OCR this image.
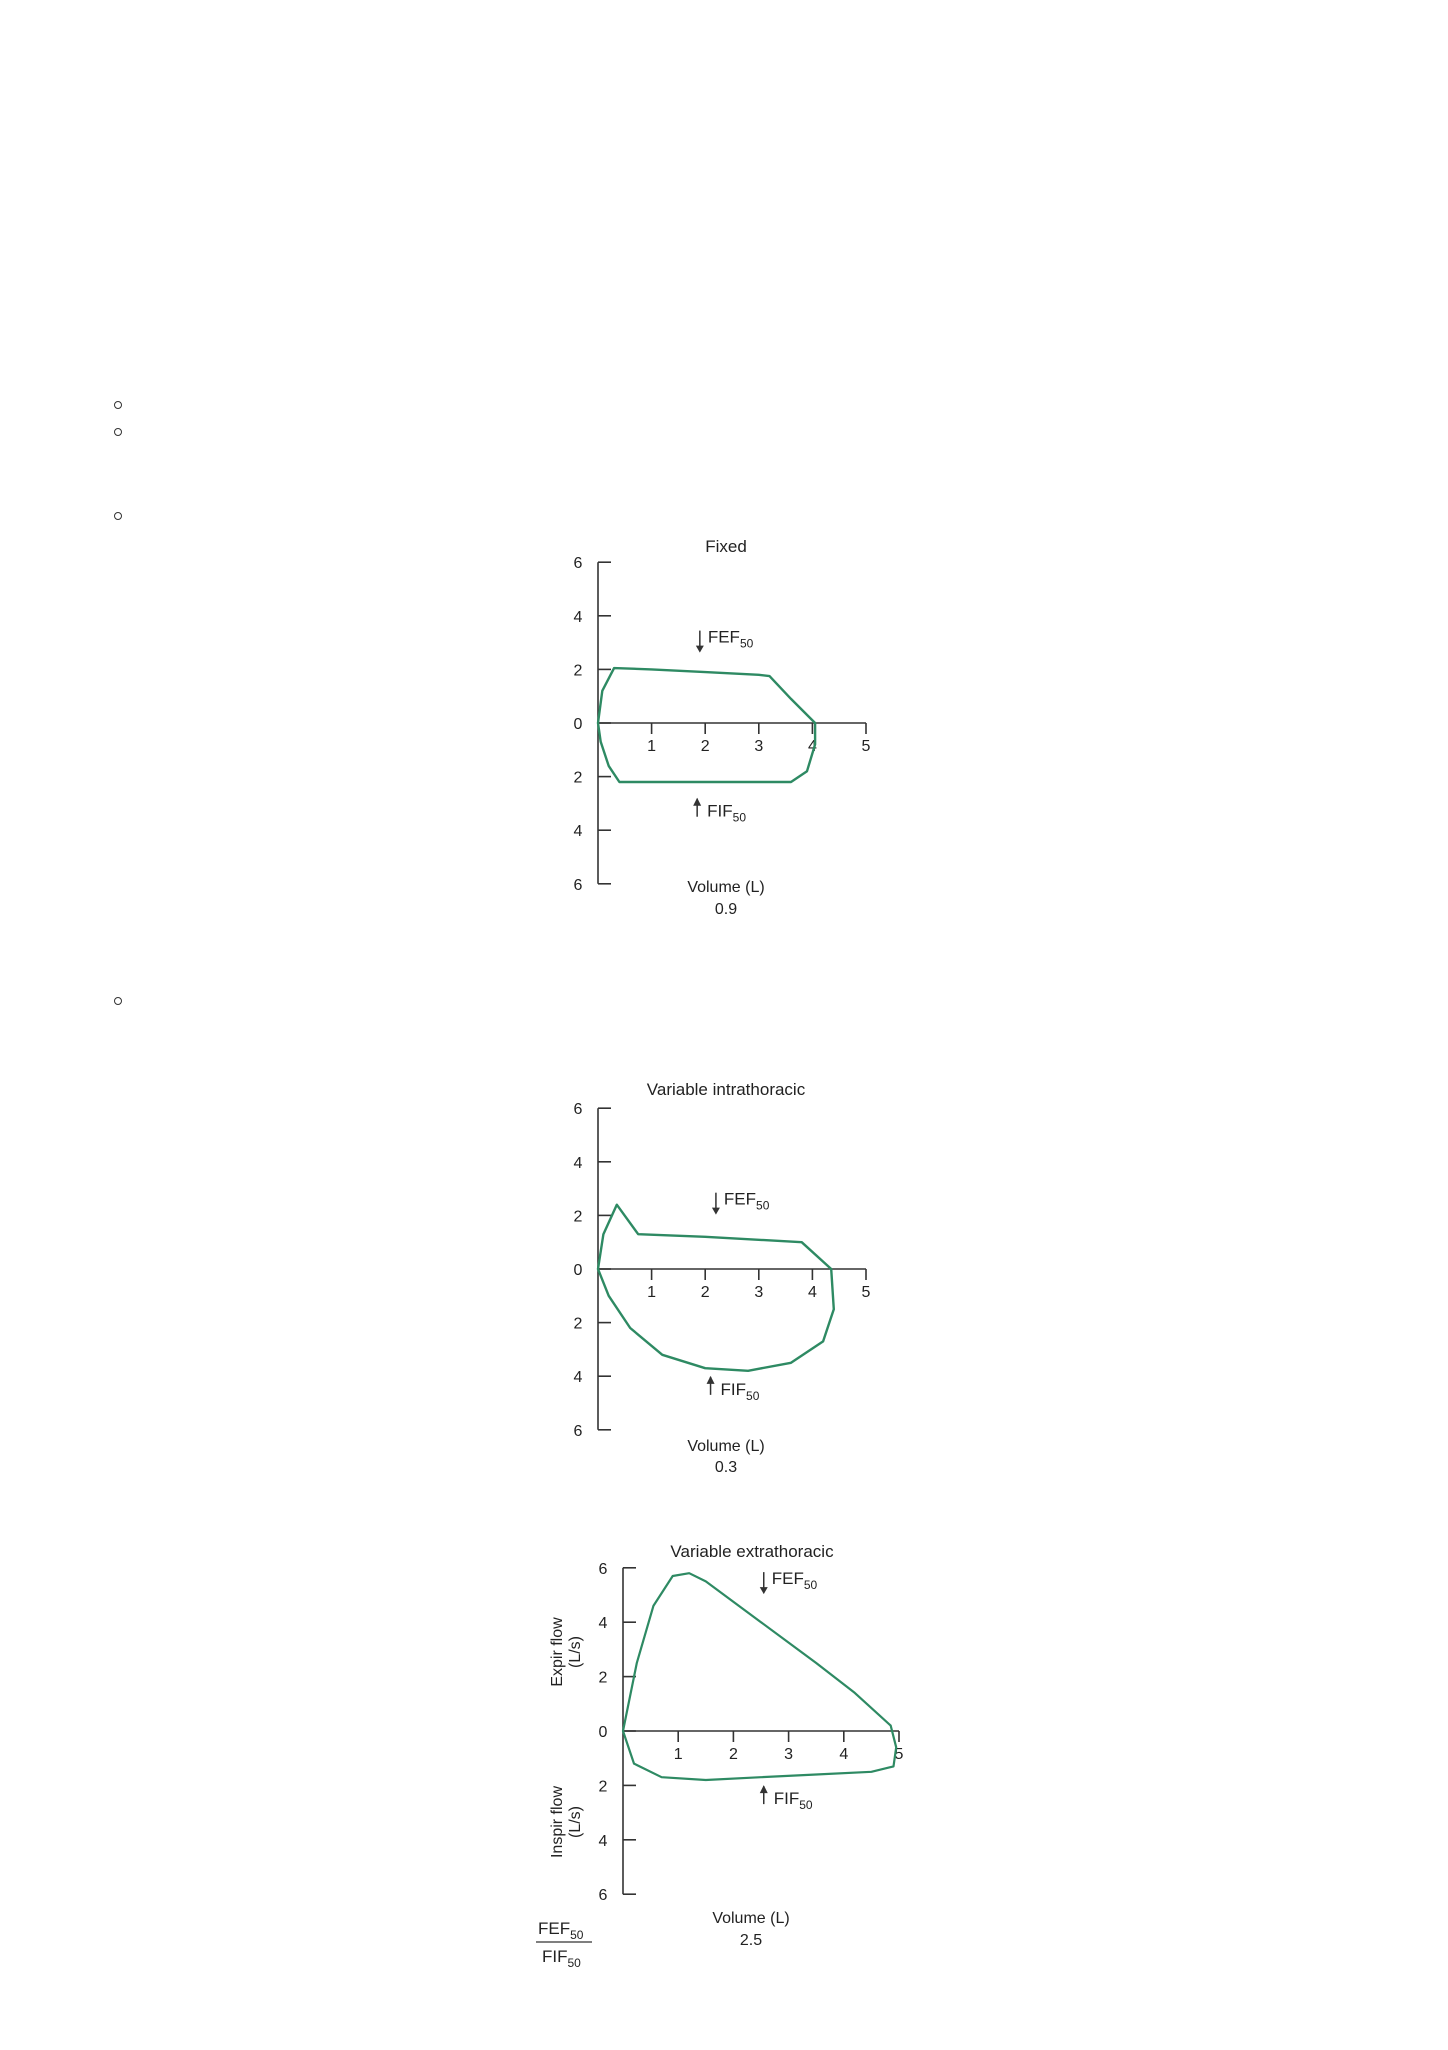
Fixed
6
4
2
0
2
4
6
1	2	3	4	5
$FEF_{50}$
$FIF_{50}$
Volume (L)
0.9
Variable intrathoracic
6
4
2
0
2
4
6
1	2	3	4	5
$FEF_{50}$
$FIF_{50}$
Volume (L)
0.3
Variable extrathoracic
6
4
2
0
2
4
6
1	2	3	4	5
$FEF_{50}$
$FIF_{50}$
Volume (L)
2.5
Expir flow (L/s)
Inspir flow (L/s)
$FEF_{50}$
$FIF_{50}$
